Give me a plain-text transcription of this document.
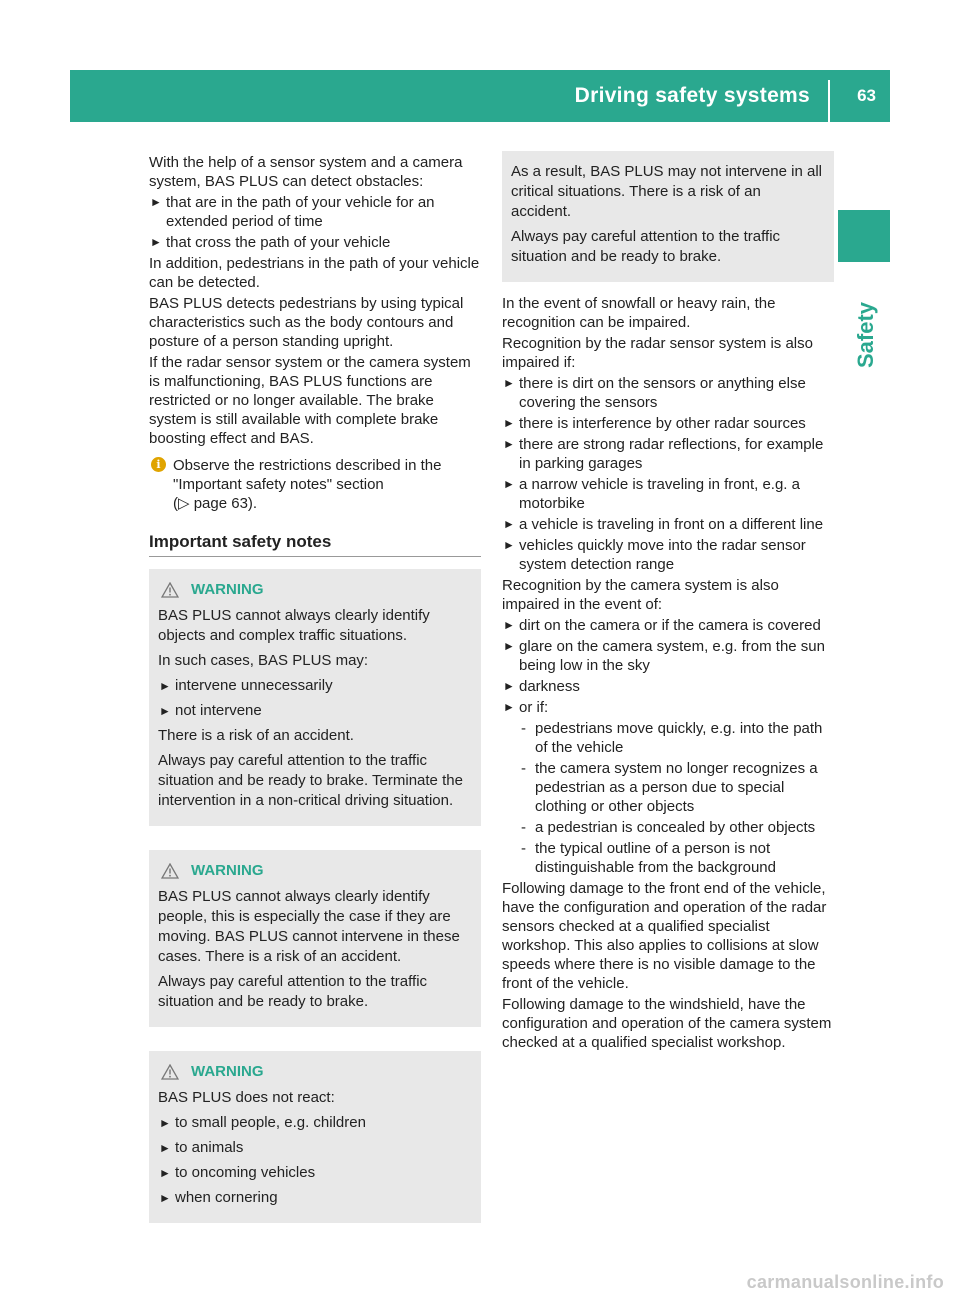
Driving safety systems	63
Safety

With the help of a sensor system and a camera system, BAS PLUS can detect obstacles:

► that are in the path of your vehicle for an extended period of time
► that cross the path of your vehicle

In addition, pedestrians in the path of your vehicle can be detected.

BAS PLUS detects pedestrians by using typical characteristics such as the body contours and posture of a person standing upright.

If the radar sensor system or the camera system is malfunctioning, BAS PLUS functions are restricted or no longer available. The brake system is still available with complete brake boosting effect and BAS.

i Observe the restrictions described in the "Important safety notes" section
(▷ page 63).
Important safety notes
WARNING

BAS PLUS cannot always clearly identify objects and complex traffic situations.

In such cases, BAS PLUS may:

► intervene unnecessarily
► not intervene

There is a risk of an accident.

Always pay careful attention to the traffic situation and be ready to brake. Terminate the intervention in a non-critical driving situation.

WARNING

BAS PLUS cannot always clearly identify people, this is especially the case if they are moving. BAS PLUS cannot intervene in these cases. There is a risk of an accident.

Always pay careful attention to the traffic situation and be ready to brake.

WARNING

BAS PLUS does not react:

► to small people, e.g. children
► to animals
► to oncoming vehicles
► when cornering

As a result, BAS PLUS may not intervene in all critical situations. There is a risk of an accident.

Always pay careful attention to the traffic situation and be ready to brake.

In the event of snowfall or heavy rain, the recognition can be impaired.

Recognition by the radar sensor system is also impaired if:

► there is dirt on the sensors or anything else covering the sensors
► there is interference by other radar sources
► there are strong radar reflections, for example in parking garages
► a narrow vehicle is traveling in front, e.g. a motorbike
► a vehicle is traveling in front on a different line
► vehicles quickly move into the radar sensor system detection range

Recognition by the camera system is also impaired in the event of:

► dirt on the camera or if the camera is covered
► glare on the camera system, e.g. from the sun being low in the sky
► darkness
► or if:
- pedestrians move quickly, e.g. into the path of the vehicle
- the camera system no longer recognizes a pedestrian as a person due to special clothing or other objects
- a pedestrian is concealed by other objects
- the typical outline of a person is not distinguishable from the background

Following damage to the front end of the vehicle, have the configuration and operation of the radar sensors checked at a qualified specialist workshop. This also applies to collisions at slow speeds where there is no visible damage to the front of the vehicle.

Following damage to the windshield, have the configuration and operation of the camera system checked at a qualified specialist workshop.

carmanualsonline.info
